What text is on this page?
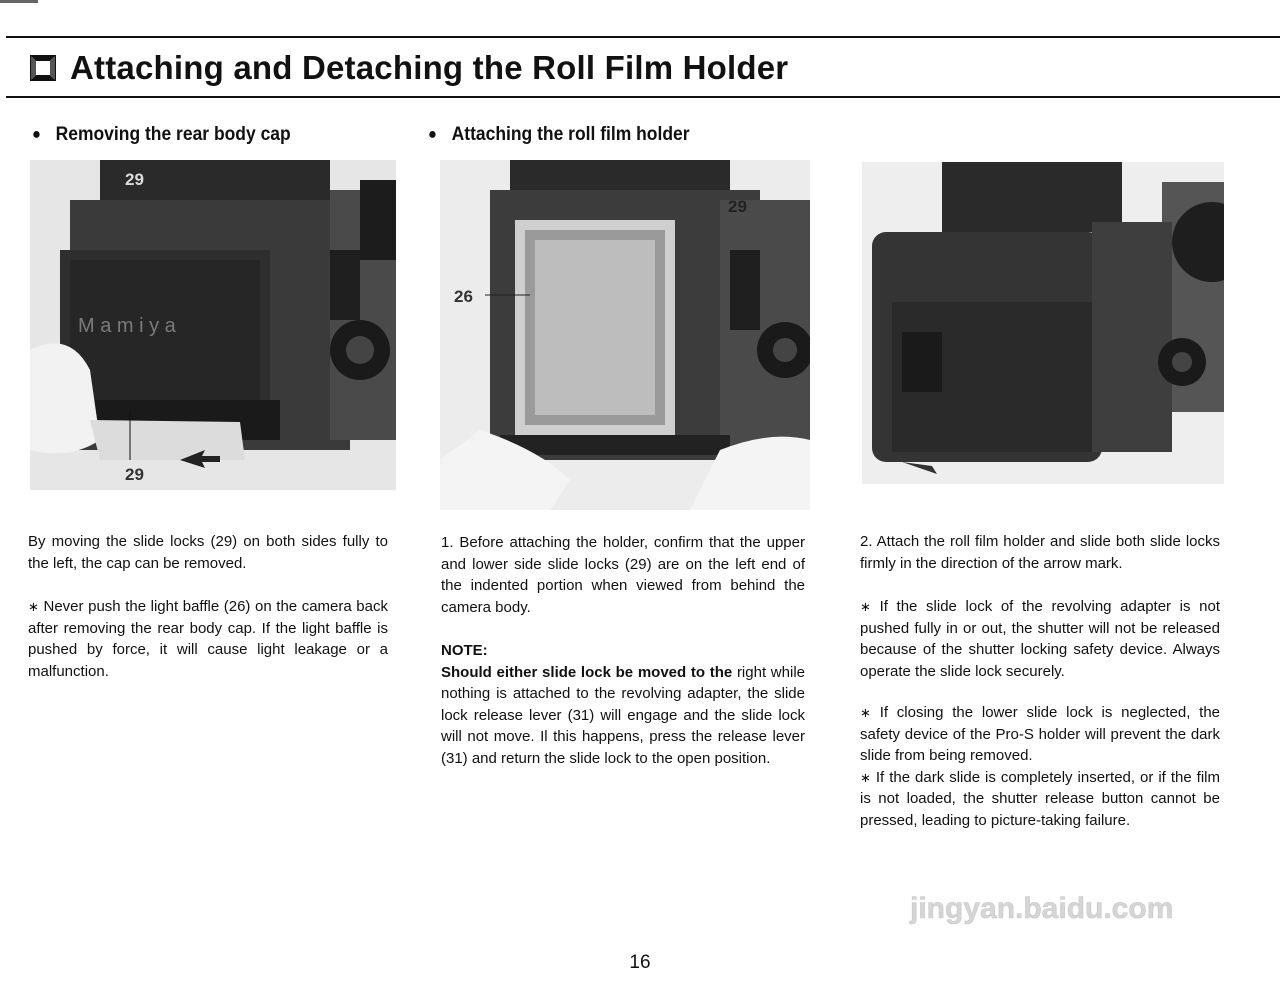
Attaching and Detaching the Roll Film Holder
● Removing the rear body cap	● Attaching the roll film holder
M a m i y a
29
29
26
29

By moving the slide locks (29) on both sides fully to the left, the cap can be removed.

∗ Never push the light baffle (26) on the camera back after removing the rear body cap. If the light baffle is pushed by force, it will cause light leakage or a malfunction.

1. Before attaching the holder, confirm that the upper and lower side slide locks (29) are on the left end of the indented portion when viewed from behind the camera body.

NOTE:

Should either slide lock be moved to the right while nothing is attached to the revolving adapter, the slide lock release lever (31) will engage and the slide lock will not move. Il this happens, press the release lever (31) and return the slide lock to the open position.

2. Attach the roll film holder and slide both slide locks firmly in the direction of the arrow mark.

∗ If the slide lock of the revolving adapter is not pushed fully in or out, the shutter will not be released because of the shutter locking safety device. Always operate the slide lock securely.

∗ If closing the lower slide lock is neglected, the safety device of the Pro-S holder will prevent the dark slide from being removed.

∗ If the dark slide is completely inserted, or if the film is not loaded, the shutter release button cannot be pressed, leading to picture-taking failure.

jingyan.baidu.com
16
